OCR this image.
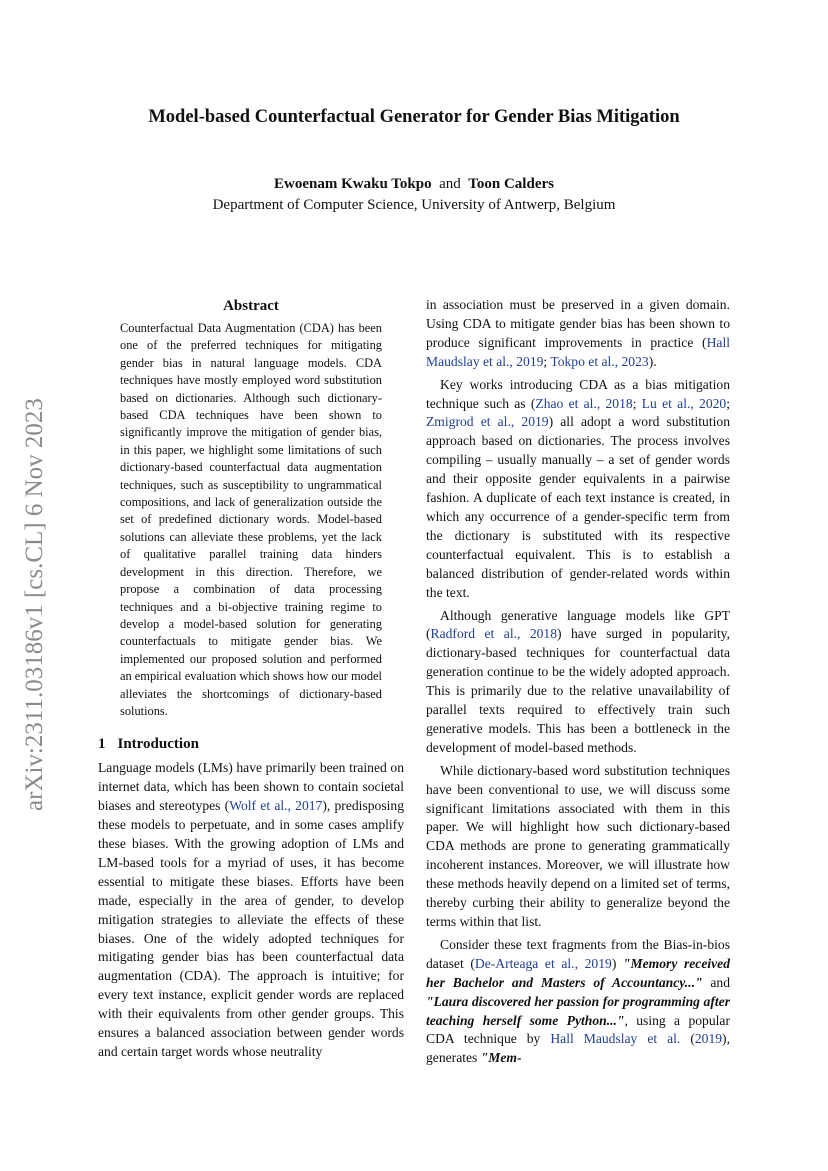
arXiv:2311.03186v1 [cs.CL] 6 Nov 2023
Model-based Counterfactual Generator for Gender Bias Mitigation
Ewoenam Kwaku Tokpo and Toon Calders
Department of Computer Science, University of Antwerp, Belgium
Abstract

Counterfactual Data Augmentation (CDA) has been one of the preferred techniques for mitigating gender bias in natural language models. CDA techniques have mostly employed word substitution based on dictionaries. Although such dictionary-based CDA techniques have been shown to significantly improve the mitigation of gender bias, in this paper, we highlight some limitations of such dictionary-based counterfactual data augmentation techniques, such as susceptibility to ungrammatical compositions, and lack of generalization outside the set of predefined dictionary words. Model-based solutions can alleviate these problems, yet the lack of qualitative parallel training data hinders development in this direction. Therefore, we propose a combination of data processing techniques and a bi-objective training regime to develop a model-based solution for generating counterfactuals to mitigate gender bias. We implemented our proposed solution and performed an empirical evaluation which shows how our model alleviates the shortcomings of dictionary-based solutions.

1 Introduction

Language models (LMs) have primarily been trained on internet data, which has been shown to contain societal biases and stereotypes (Wolf et al., 2017), predisposing these models to perpetuate, and in some cases amplify these biases. With the growing adoption of LMs and LM-based tools for a myriad of uses, it has become essential to mitigate these biases. Efforts have been made, especially in the area of gender, to develop mitigation strategies to alleviate the effects of these biases. One of the widely adopted techniques for mitigating gender bias has been counterfactual data augmentation (CDA). The approach is intuitive; for every text instance, explicit gender words are replaced with their equivalents from other gender groups. This ensures a balanced association between gender words and certain target words whose neutrality

in association must be preserved in a given domain. Using CDA to mitigate gender bias has been shown to produce significant improvements in practice (Hall Maudslay et al., 2019; Tokpo et al., 2023).

Key works introducing CDA as a bias mitigation technique such as (Zhao et al., 2018; Lu et al., 2020; Zmigrod et al., 2019) all adopt a word substitution approach based on dictionaries. The process involves compiling – usually manually – a set of gender words and their opposite gender equivalents in a pairwise fashion. A duplicate of each text instance is created, in which any occurrence of a gender-specific term from the dictionary is substituted with its respective counterfactual equivalent. This is to establish a balanced distribution of gender-related words within the text.

Although generative language models like GPT (Radford et al., 2018) have surged in popularity, dictionary-based techniques for counterfactual data generation continue to be the widely adopted approach. This is primarily due to the relative unavailability of parallel texts required to effectively train such generative models. This has been a bottleneck in the development of model-based methods.

While dictionary-based word substitution techniques have been conventional to use, we will discuss some significant limitations associated with them in this paper. We will highlight how such dictionary-based CDA methods are prone to generating grammatically incoherent instances. Moreover, we will illustrate how these methods heavily depend on a limited set of terms, thereby curbing their ability to generalize beyond the terms within that list.

Consider these text fragments from the Bias-in-bios dataset (De-Arteaga et al., 2019) "Memory received her Bachelor and Masters of Accountancy..." and "Laura discovered her passion for programming after teaching herself some Python...", using a popular CDA technique by Hall Maudslay et al. (2019), generates "Mem-
